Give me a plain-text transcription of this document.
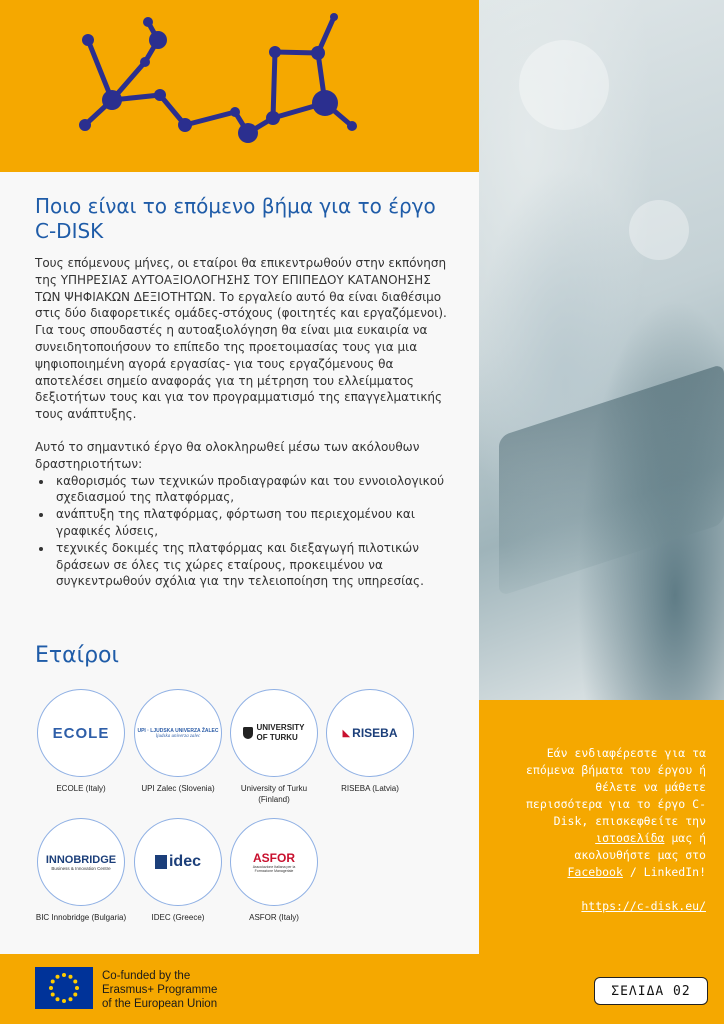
Ποιο είναι το επόμενο βήμα για το έργο C-DISK

Τους επόμενους μήνες, οι εταίροι θα επικεντρωθούν στην εκπόνηση της ΥΠΗΡΕΣΙΑΣ ΑΥΤΟΑΞΙΟΛΟΓΗΣΗΣ ΤΟΥ ΕΠΙΠΕΔΟΥ ΚΑΤΑΝΟΗΣΗΣ ΤΩΝ ΨΗΦΙΑΚΩΝ ΔΕΞΙΟΤΗΤΩΝ. Το εργαλείο αυτό θα είναι διαθέσιμο στις δύο διαφορετικές ομάδες-στόχους (φοιτητές και εργαζόμενοι).

Για τους σπουδαστές η αυτοαξιολόγηση θα είναι μια ευκαιρία να συνειδητοποιήσουν το επίπεδο της προετοιμασίας τους για μια ψηφιοποιημένη αγορά εργασίας- για τους εργαζόμενους θα αποτελέσει σημείο αναφοράς για τη μέτρηση του ελλείμματος δεξιοτήτων τους και για τον προγραμματισμό της επαγγελματικής τους ανάπτυξης.

Αυτό το σημαντικό έργο θα ολοκληρωθεί μέσω των ακόλουθων δραστηριοτήτων:

• καθορισμός των τεχνικών προδιαγραφών και του εννοιολογικού σχεδιασμού της πλατφόρμας,
• ανάπτυξη της πλατφόρμας, φόρτωση του περιεχομένου και γραφικές λύσεις,
• τεχνικές δοκιμές της πλατφόρμας και διεξαγωγή πιλοτικών δράσεων σε όλες τις χώρες εταίρους, προκειμένου να συγκεντρωθούν σχόλια για την τελειοποίηση της υπηρεσίας.
Εταίροι
ECOLE
ECOLE (Italy)
UPI · LJUDSKA UNIVERZA ŽALEC
ljudska univerza zalec
UPI Zalec (Slovenia)
UNIVERSITY
OF TURKU
University of Turku (Finland)
◣ RISEBA
RISEBA (Latvia)
INNOBRIDGE
Business & Innovation Centre
BIC Innobridge (Bulgaria)
idec
IDEC (Greece)
ASFOR
Associazione Italiana per la Formazione Manageriale
ASFOR (Italy)
Εάν ενδιαφέρεστε για τα επόμενα βήματα του έργου ή θέλετε να μάθετε περισσότερα για το έργο C-Disk, επισκεφθείτε την ιστοσελίδα μας ή ακολουθήστε μας στο Facebook / LinkedIn!
https://c-disk.eu/
Co-funded by the
Erasmus+ Programme
of the European Union
ΣΕΛΙΔΑ 02
